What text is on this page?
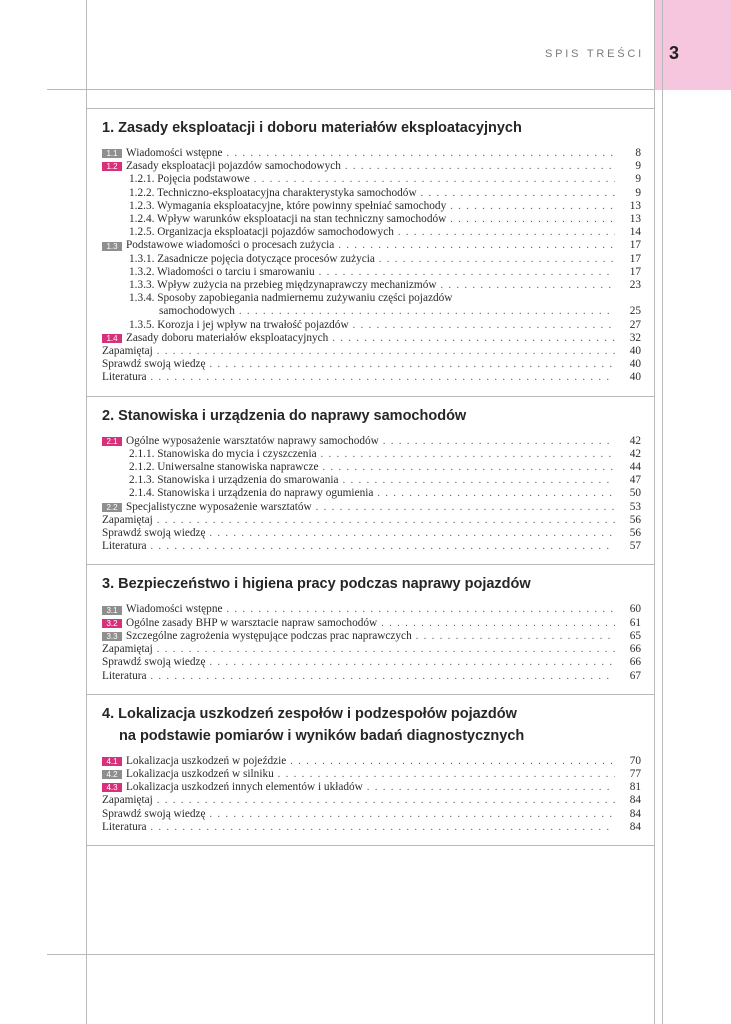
SPIS TREŚCI 3
1. Zasady eksploatacji i doboru materiałów eksploatacyjnych
1.1 Wiadomości wstępne . . .	8
1.2 Zasady eksploatacji pojazdów samochodowych . . .	9
1.2.1. Pojęcia podstawowe . . .	9
1.2.2. Techniczno-eksploatacyjna charakterystyka samochodów . . .	9
1.2.3. Wymagania eksploatacyjne, które powinny spełniać samochody . . .	13
1.2.4. Wpływ warunków eksploatacji na stan techniczny samochodów . . .	13
1.2.5. Organizacja eksploatacji pojazdów samochodowych . . .	14
1.3 Podstawowe wiadomości o procesach zużycia . . .	17
1.3.1. Zasadnicze pojęcia dotyczące procesów zużycia . . .	17
1.3.2. Wiadomości o tarciu i smarowaniu . . .	17
1.3.3. Wpływ zużycia na przebieg międzynaprawczy mechanizmów . . .	23
1.3.4. Sposoby zapobiegania nadmiernemu zużywaniu części pojazdów
samochodowych . . .	25
1.3.5. Korozja i jej wpływ na trwałość pojazdów . . .	27
1.4 Zasady doboru materiałów eksploatacyjnych . . .	32
Zapamiętaj . . .	40
Sprawdź swoją wiedzę . . .	40
Literatura . . .	40
2. Stanowiska i urządzenia do naprawy samochodów
2.1 Ogólne wyposażenie warsztatów naprawy samochodów . . .	42
2.1.1. Stanowiska do mycia i czyszczenia . . .	42
2.1.2. Uniwersalne stanowiska naprawcze . . .	44
2.1.3. Stanowiska i urządzenia do smarowania . . .	47
2.1.4. Stanowiska i urządzenia do naprawy ogumienia . . .	50
2.2 Specjalistyczne wyposażenie warsztatów . . .	53
Zapamiętaj . . .	56
Sprawdź swoją wiedzę . . .	56
Literatura . . .	57
3. Bezpieczeństwo i higiena pracy podczas naprawy pojazdów
3.1 Wiadomości wstępne . . .	60
3.2 Ogólne zasady BHP w warsztacie napraw samochodów . . .	61
3.3 Szczególne zagrożenia występujące podczas prac naprawczych . . .	65
Zapamiętaj . . .	66
Sprawdź swoją wiedzę . . .	66
Literatura . . .	67
4. Lokalizacja uszkodzeń zespołów i podzespołów pojazdów
na podstawie pomiarów i wyników badań diagnostycznych
4.1 Lokalizacja uszkodzeń w pojeździe . . .	70
4.2 Lokalizacja uszkodzeń w silniku . . .	77
4.3 Lokalizacja uszkodzeń innych elementów i układów . . .	81
Zapamiętaj . . .	84
Sprawdź swoją wiedzę . . .	84
Literatura . . .	84
